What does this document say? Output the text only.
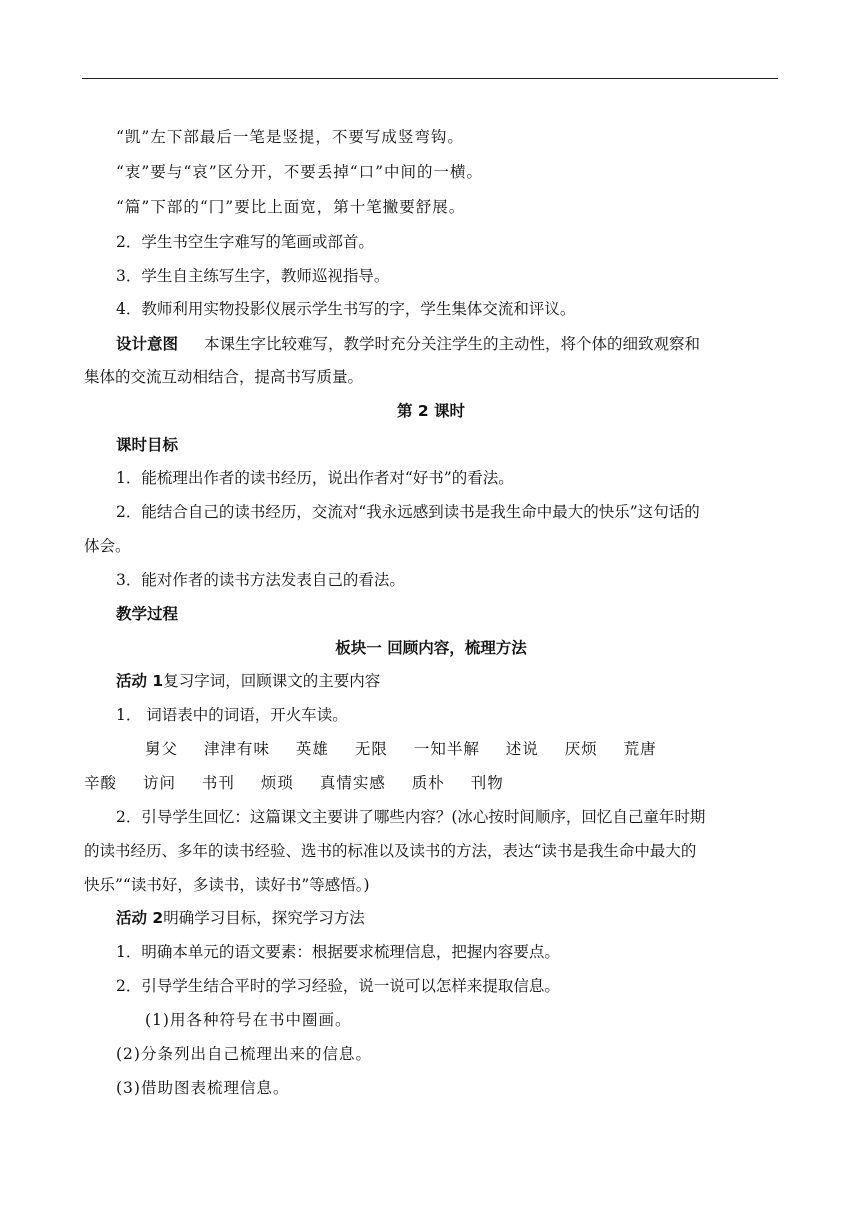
“凯”左下部最后一笔是竖提，不要写成竖弯钩。
“衷”要与“哀”区分开，不要丢掉“口”中间的一横。
“篇”下部的“冂”要比上面宽，第十笔撇要舒展。
2．学生书空生字难写的笔画或部首。
3．学生自主练写生字，教师巡视指导。
4．教师利用实物投影仪展示学生书写的字，学生集体交流和评议。
设计意图 本课生字比较难写，教学时充分关注学生的主动性，将个体的细致观察和
集体的交流互动相结合，提高书写质量。
第 2 课时
课时目标
1．能梳理出作者的读书经历，说出作者对“好书”的看法。
2．能结合自己的读书经历，交流对“我永远感到读书是我生命中最大的快乐”这句话的
体会。
3．能对作者的读书方法发表自己的看法。
教学过程
板块一 回顾内容，梳理方法
活动 1复习字词，回顾课文的主要内容
1． 词语表中的词语，开火车读。
舅父 津津有味 英雄 无限 一知半解 述说 厌烦 荒唐
辛酸 访问 书刊 烦琐 真情实感 质朴 刊物
2．引导学生回忆：这篇课文主要讲了哪些内容？(冰心按时间顺序，回忆自己童年时期
的读书经历、多年的读书经验、选书的标准以及读书的方法，表达“读书是我生命中最大的
快乐”“读书好，多读书，读好书”等感悟。)
活动 2明确学习目标，探究学习方法
1．明确本单元的语文要素：根据要求梳理信息，把握内容要点。
2．引导学生结合平时的学习经验，说一说可以怎样来提取信息。
(1)用各种符号在书中圈画。
(2)分条列出自己梳理出来的信息。
(3)借助图表梳理信息。
